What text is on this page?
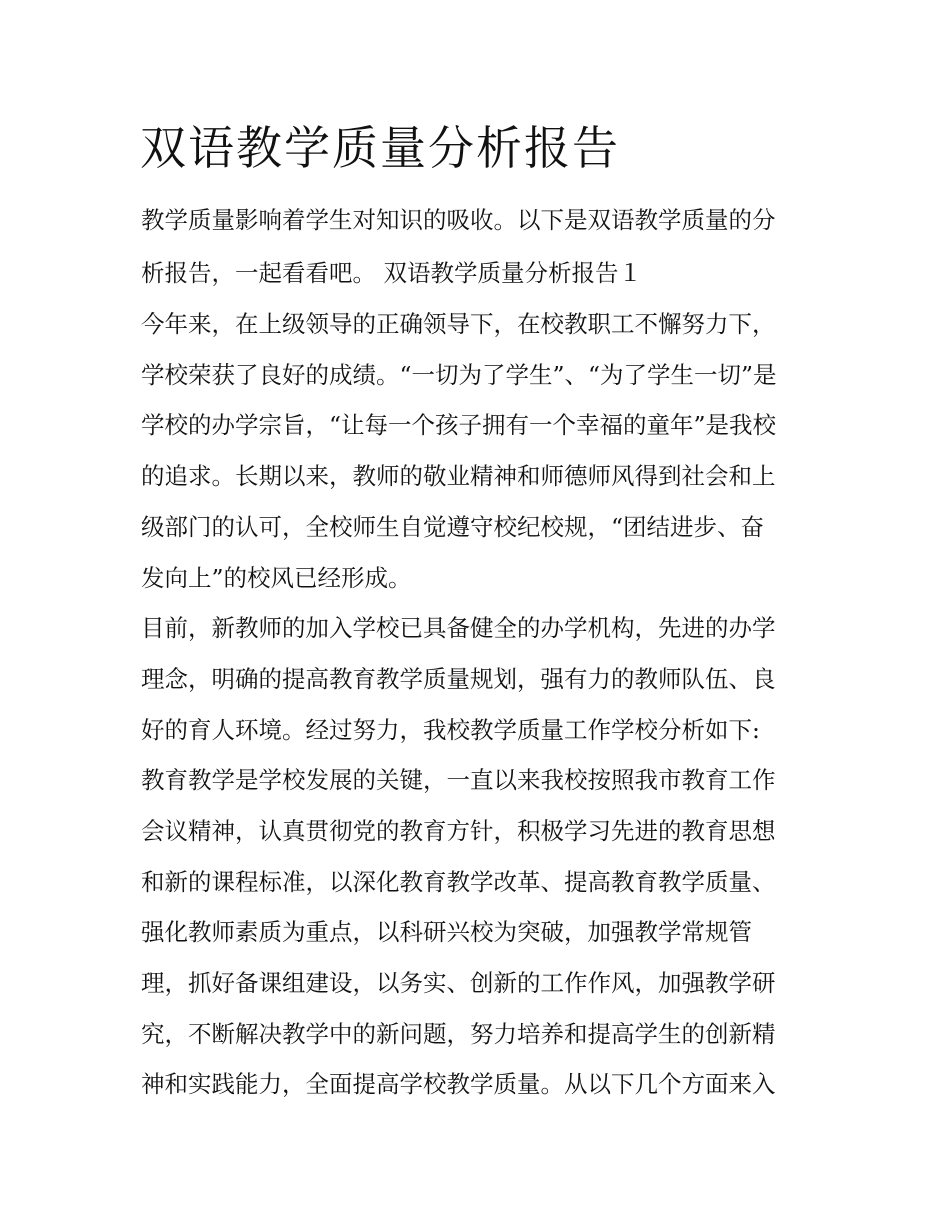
双语教学质量分析报告

教学质量影响着学生对知识的吸收。以下是双语教学质量的分

析报告，一起看看吧。 双语教学质量分析报告１

今年来，在上级领导的正确领导下，在校教职工不懈努力下，

学校荣获了良好的成绩。“一切为了学生”、“为了学生一切”是

学校的办学宗旨，“让每一个孩子拥有一个幸福的童年”是我校

的追求。长期以来，教师的敬业精神和师德师风得到社会和上

级部门的认可，全校师生自觉遵守校纪校规，“团结进步、奋

发向上”的校风已经形成。

目前，新教师的加入学校已具备健全的办学机构，先进的办学

理念，明确的提高教育教学质量规划，强有力的教师队伍、良

好的育人环境。经过努力，我校教学质量工作学校分析如下:

教育教学是学校发展的关键，一直以来我校按照我市教育工作

会议精神，认真贯彻党的教育方针，积极学习先进的教育思想

和新的课程标准，以深化教育教学改革、提高教育教学质量、

强化教师素质为重点，以科研兴校为突破，加强教学常规管

理，抓好备课组建设，以务实、创新的工作作风，加强教学研

究，不断解决教学中的新问题，努力培养和提高学生的创新精

神和实践能力，全面提高学校教学质量。从以下几个方面来入
